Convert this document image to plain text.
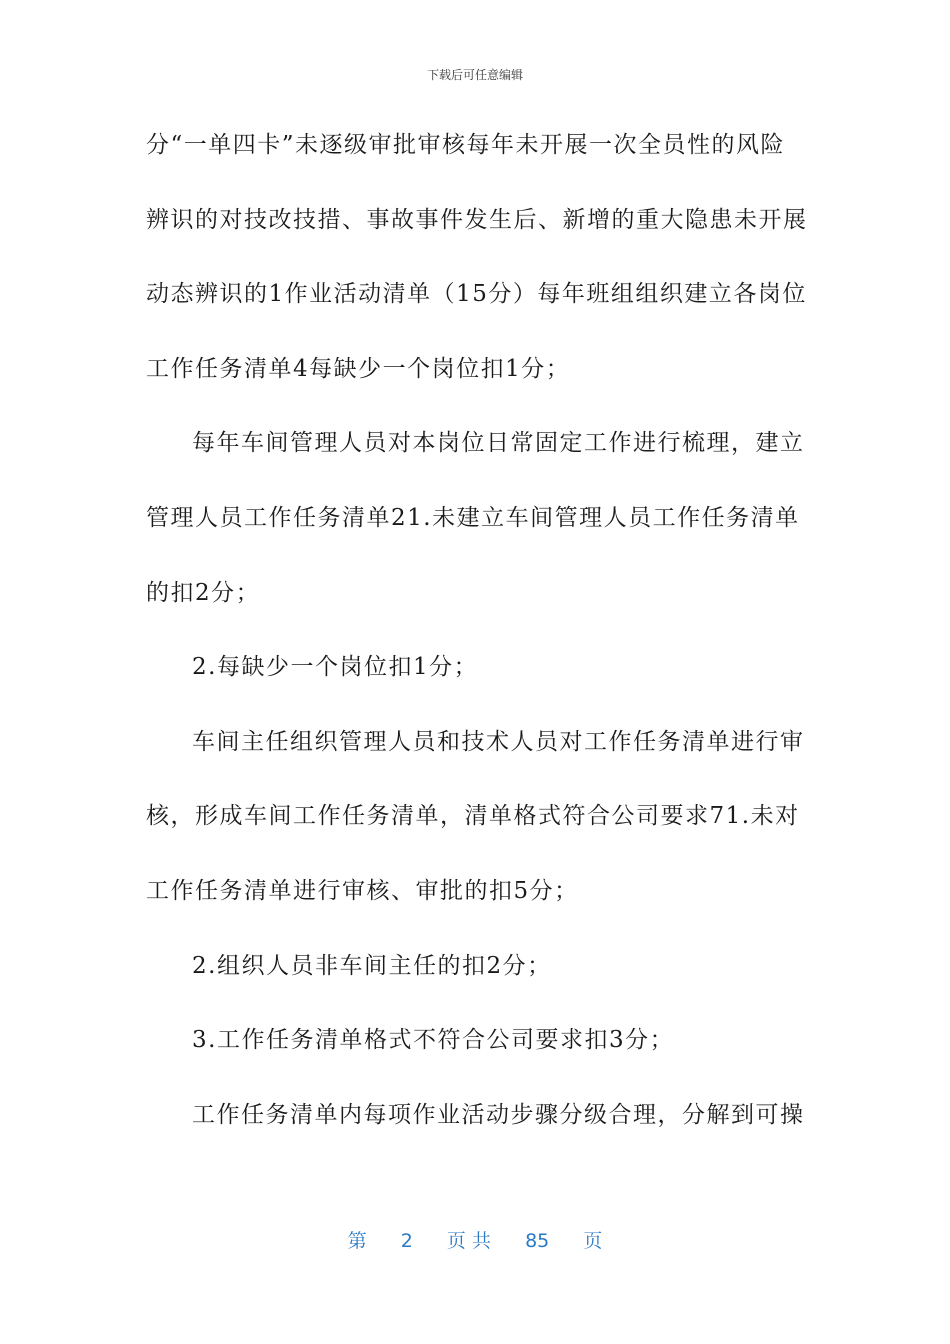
下载后可任意编辑
分“一单四卡”未逐级审批审核每年未开展一次全员性的风险
辨识的对技改技措、事故事件发生后、新增的重大隐患未开展
动态辨识的1作业活动清单（15分）每年班组组织建立各岗位
工作任务清单4每缺少一个岗位扣1分；
每年车间管理人员对本岗位日常固定工作进行梳理，建立
管理人员工作任务清单21.未建立车间管理人员工作任务清单
的扣2分；
2.每缺少一个岗位扣1分；
车间主任组织管理人员和技术人员对工作任务清单进行审
核，形成车间工作任务清单，清单格式符合公司要求71.未对
工作任务清单进行审核、审批的扣5分；
2.组织人员非车间主任的扣2分；
3.工作任务清单格式不符合公司要求扣3分；
工作任务清单内每项作业活动步骤分级合理，分解到可操
第 2 页 共 85 页
